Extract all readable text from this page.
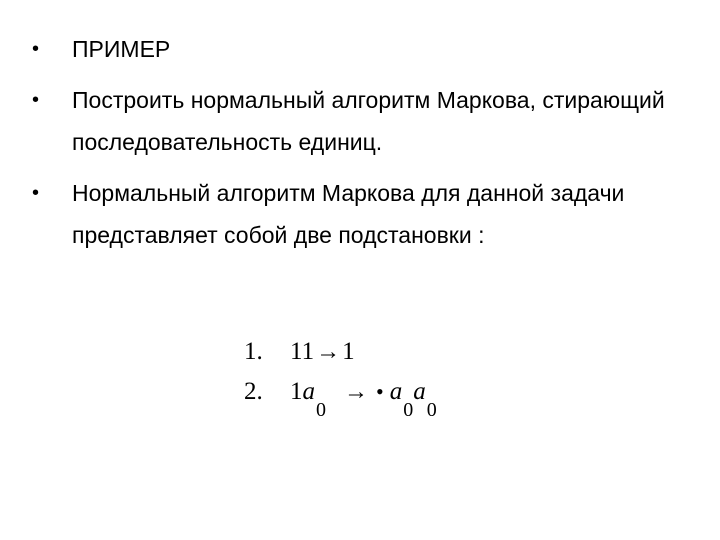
• ПРИМЕР
• Построить нормальный алгоритм Маркова, стирающий последовательность единиц.
• Нормальный алгоритм Маркова для данной задачи представляет собой две подстановки :
1.	11 → 1
2.	1 a
0
→ • a
0
a
0
